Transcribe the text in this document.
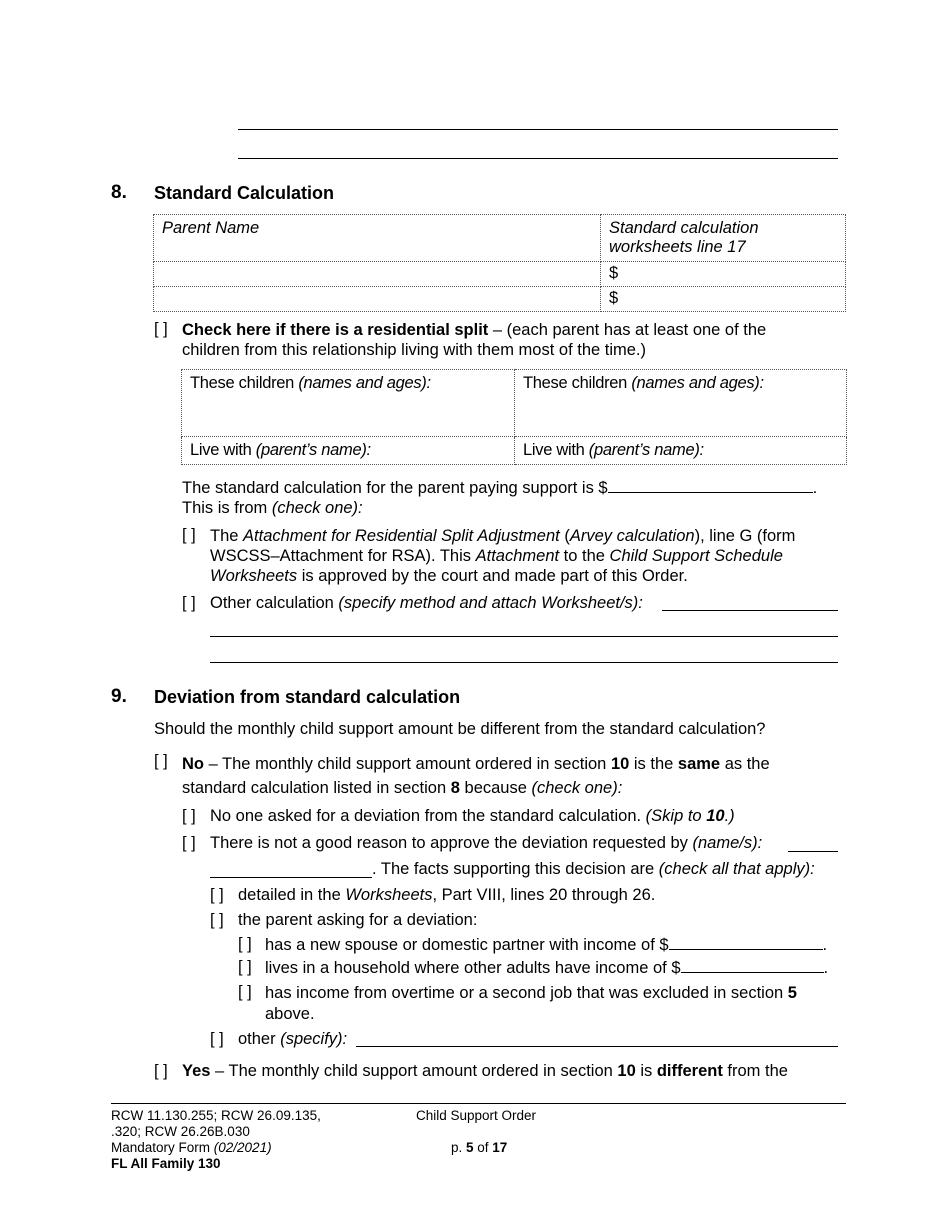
8. Standard Calculation
Parent Name	Standard calculation
worksheets line 17
	$
	$
[ ] Check here if there is a residential split – (each parent has at least one of the
children from this relationship living with them most of the time.)
These children (names and ages):	These children (names and ages):
Live with (parent’s name):	Live with (parent’s name):
The standard calculation for the parent paying support is $	.
This is from (check one):
[ ] The Attachment for Residential Split Adjustment (Arvey calculation), line G (form
WSCSS–Attachment for RSA). This Attachment to the Child Support Schedule
Worksheets is approved by the court and made part of this Order.
[ ] Other calculation (specify method and attach Worksheet/s):
9. Deviation from standard calculation
Should the monthly child support amount be different from the standard calculation?
[ ] No – The monthly child support amount ordered in section 10 is the same as the
standard calculation listed in section 8 because (check one):
[ ] No one asked for a deviation from the standard calculation. (Skip to 10.)
[ ] There is not a good reason to approve the deviation requested by (name/s):
. The facts supporting this decision are (check all that apply):
[ ] detailed in the Worksheets, Part VIII, lines 20 through 26.
[ ] the parent asking for a deviation:
[ ] has a new spouse or domestic partner with income of $	.
[ ] lives in a household where other adults have income of $	.
[ ] has income from overtime or a second job that was excluded in section 5
above.
[ ] other (specify):
[ ] Yes – The monthly child support amount ordered in section 10 is different from the
RCW 11.130.255; RCW 26.09.135,
.320; RCW 26.26B.030
Mandatory Form (02/2021)
FL All Family 130
Child Support Order
p. 5 of 17
